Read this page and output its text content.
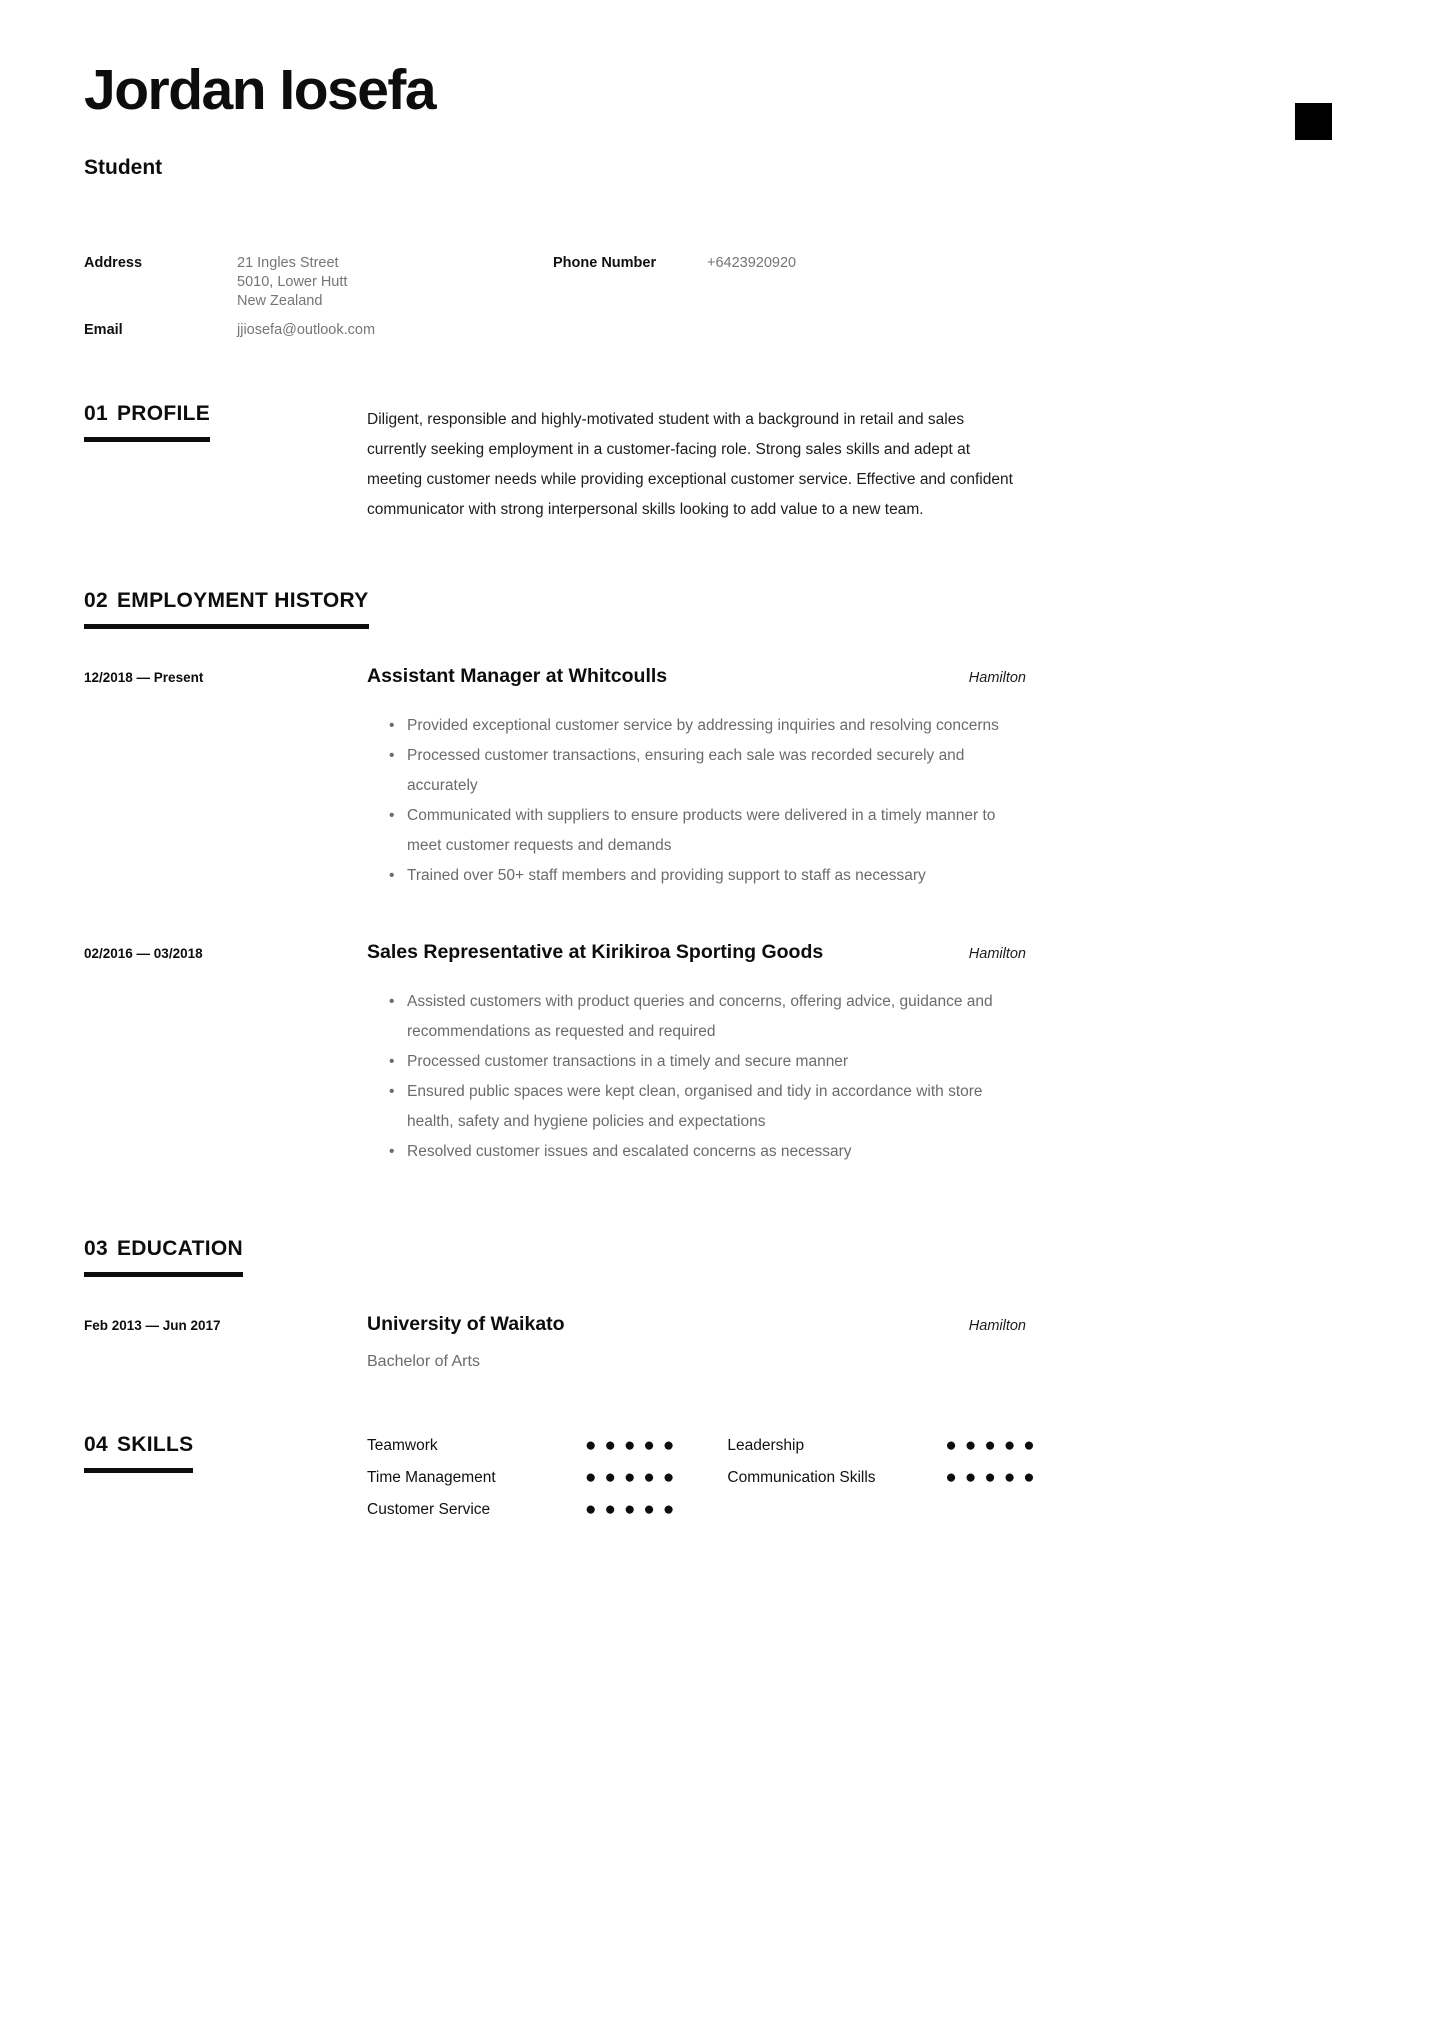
Jordan Iosefa
Student
Address	21 Ingles Street
5010, Lower Hutt
New Zealand
Phone Number	+6423920920
Email	jjiosefa@outlook.com
01 PROFILE	Diligent, responsible and highly-motivated student with a background in retail and sales currently seeking employment in a customer-facing role. Strong sales skills and adept at meeting customer needs while providing exceptional customer service. Effective and confident communicator with strong interpersonal skills looking to add value to a new team.

02 EMPLOYMENT HISTORY
12/2018 — Present	Assistant Manager at Whitcoulls	Hamilton
• Provided exceptional customer service by addressing inquiries and resolving concerns
• Processed customer transactions, ensuring each sale was recorded securely and accurately
• Communicated with suppliers to ensure products were delivered in a timely manner to meet customer requests and demands
• Trained over 50+ staff members and providing support to staff as necessary
02/2016 — 03/2018	Sales Representative at Kirikiroa Sporting Goods	Hamilton
• Assisted customers with product queries and concerns, offering advice, guidance and recommendations as requested and required
• Processed customer transactions in a timely and secure manner
• Ensured public spaces were kept clean, organised and tidy in accordance with store health, safety and hygiene policies and expectations
• Resolved customer issues and escalated concerns as necessary
03 EDUCATION
Feb 2013 — Jun 2017	University of Waikato	Hamilton
Bachelor of Arts
04 SKILLS	Teamwork	●●●●●
Time Management	●●●●●
Customer Service	●●●●●
Leadership	●●●●●
Communication Skills	●●●●●
